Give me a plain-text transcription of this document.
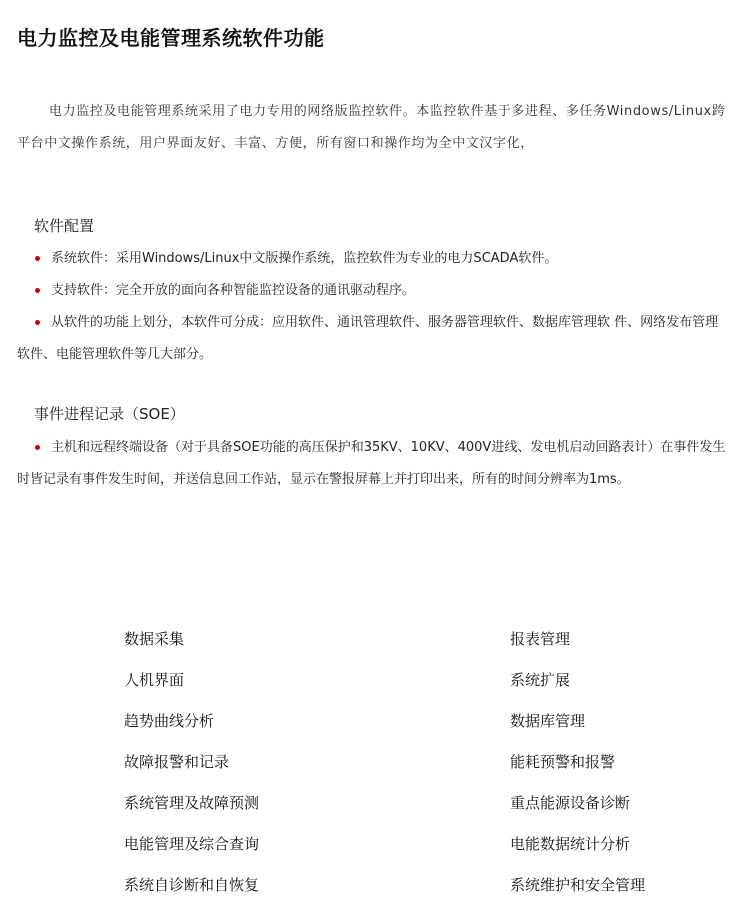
电力监控及电能管理系统软件功能

电力监控及电能管理系统采用了电力专用的网络版监控软件。本监控软件基于多进程、多任务Windows/Linux跨平台中文操作系统，用户界面友好、丰富、方便，所有窗口和操作均为全中文汉字化，

软件配置

系统软件：采用Windows/Linux中文版操作系统，监控软件为专业的电力SCADA软件。

支持软件：完全开放的面向各种智能监控设备的通讯驱动程序。

从软件的功能上划分，本软件可分成：应用软件、通讯管理软件、服务器管理软件、数据库管理软 件、网络发布管理软件、电能管理软件等几大部分。

事件进程记录（SOE）

主机和远程终端设备（对于具备SOE功能的高压保护和35KV、10KV、400V进线、发电机启动回路表计）在事件发生时皆记录有事件发生时间，并送信息回工作站，显示在警报屏幕上并打印出来，所有的时间分辨率为1ms。

数据采集
人机界面
趋势曲线分析
故障报警和记录
系统管理及故障预测
电能管理及综合查询
系统自诊断和自恢复
报表管理
系统扩展
数据库管理
能耗预警和报警
重点能源设备诊断
电能数据统计分析
系统维护和安全管理
